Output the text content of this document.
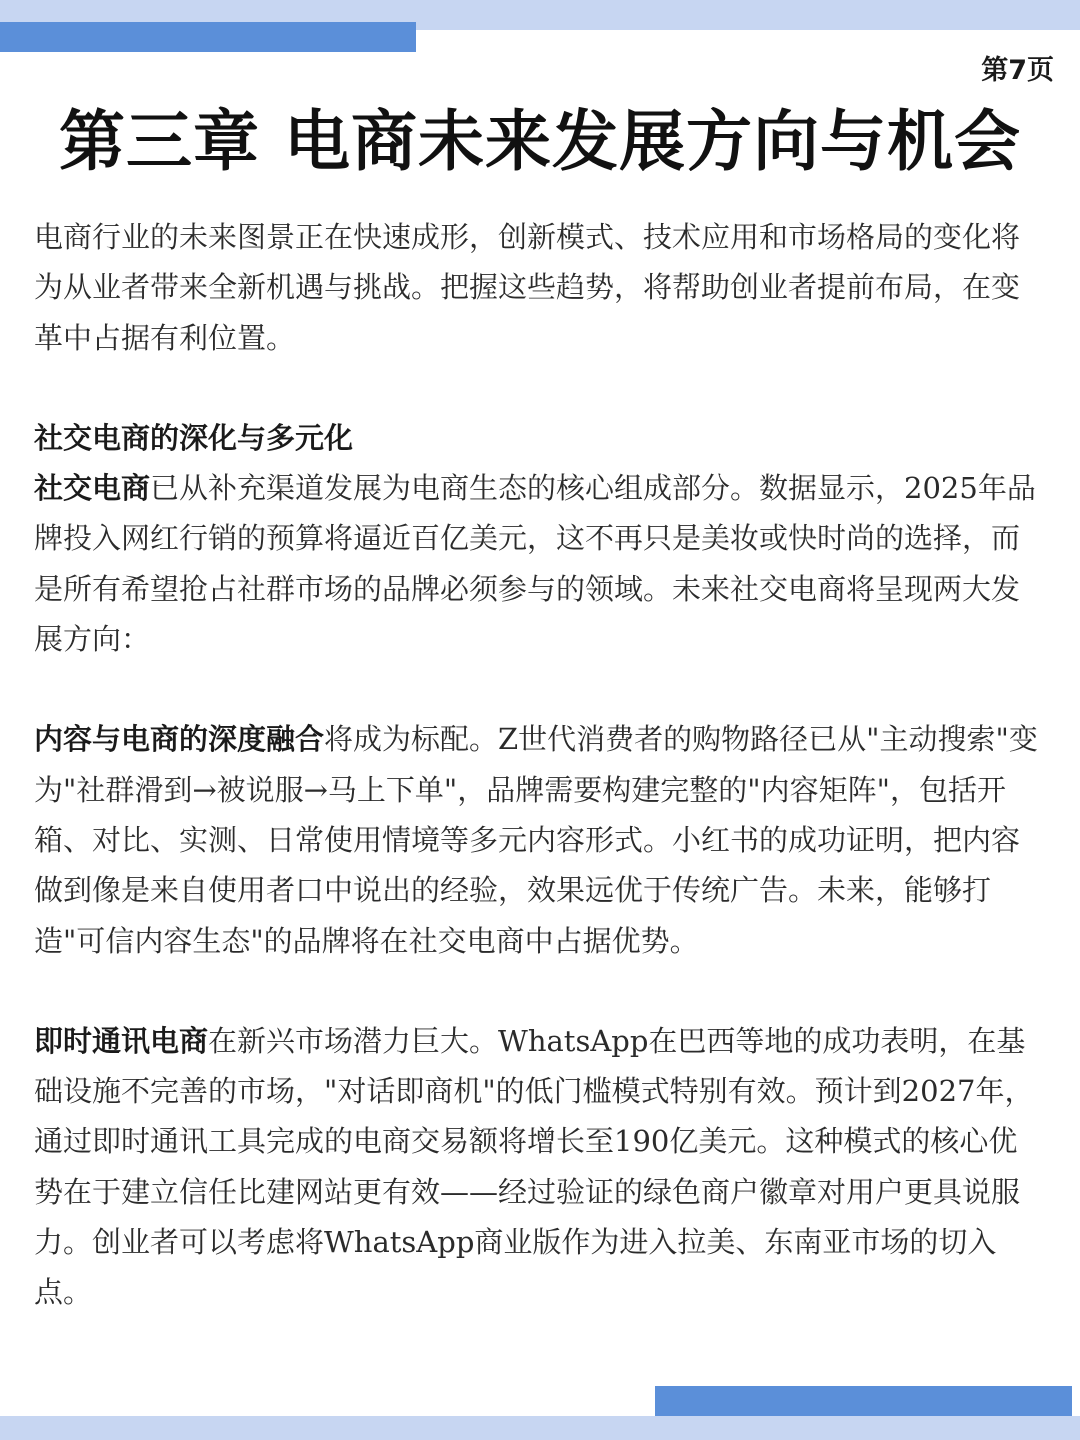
第7页
第三章 电商未来发展方向与机会

电商行业的未来图景正在快速成形，创新模式、技术应用和市场格局的变化将为从业者带来全新机遇与挑战。把握这些趋势，将帮助创业者提前布局，在变革中占据有利位置。

社交电商的深化与多元化

社交电商已从补充渠道发展为电商生态的核心组成部分。数据显示，2025年品牌投入网红行销的预算将逼近百亿美元，这不再只是美妆或快时尚的选择，而是所有希望抢占社群市场的品牌必须参与的领域。未来社交电商将呈现两大发展方向：

内容与电商的深度融合将成为标配。Z世代消费者的购物路径已从"主动搜索"变为"社群滑到→被说服→马上下单"，品牌需要构建完整的"内容矩阵"，包括开箱、对比、实测、日常使用情境等多元内容形式。小红书的成功证明，把内容做到像是来自使用者口中说出的经验，效果远优于传统广告。未来，能够打造"可信内容生态"的品牌将在社交电商中占据优势。

即时通讯电商在新兴市场潜力巨大。WhatsApp在巴西等地的成功表明，在基础设施不完善的市场，"对话即商机"的低门槛模式特别有效。预计到2027年，通过即时通讯工具完成的电商交易额将增长至190亿美元。这种模式的核心优势在于建立信任比建网站更有效——经过验证的绿色商户徽章对用户更具说服力。创业者可以考虑将WhatsApp商业版作为进入拉美、东南亚市场的切入点。
